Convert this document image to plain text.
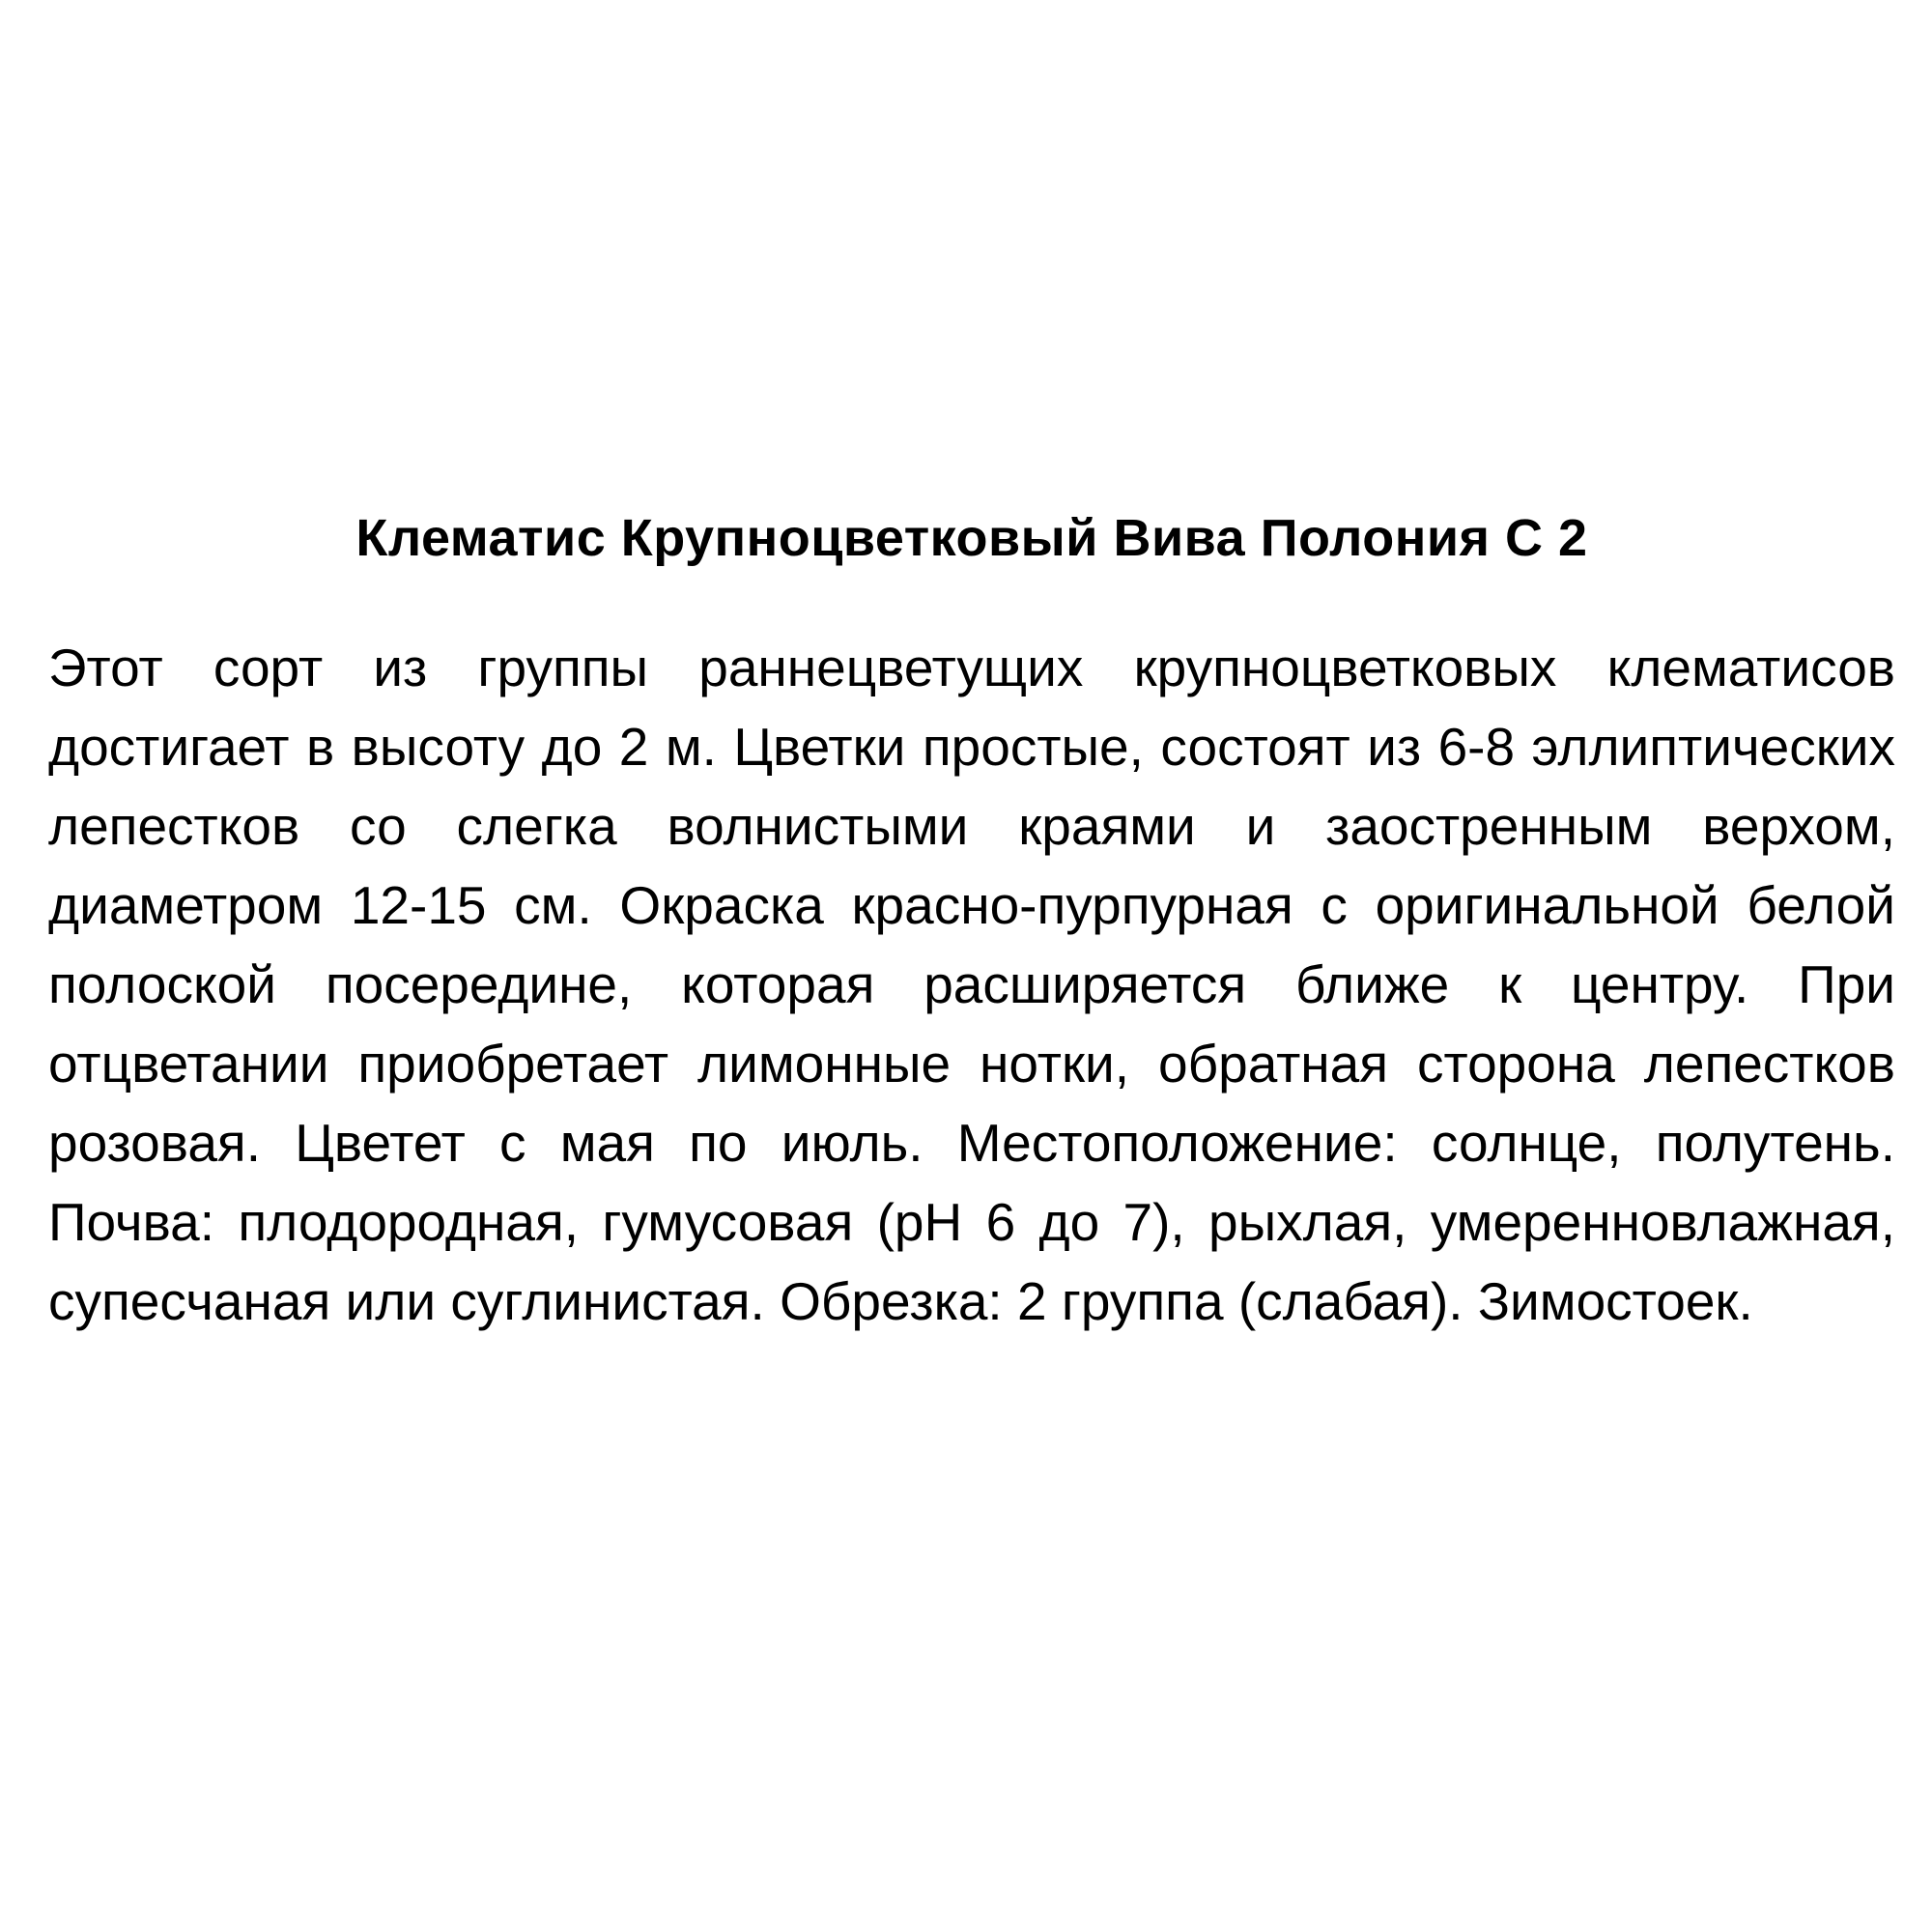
Клематис Крупноцветковый Вива Полония С 2

Этот сорт из группы раннецветущих крупноцветковых клематисов достигает в высоту до 2 м. Цветки простые, состоят из 6-8 эллиптических лепестков со слегка волнистыми краями и заостренным верхом, диаметром 12-15 см. Окраска красно-пурпурная с оригинальной белой полоской посередине, которая расширяется ближе к центру. При отцветании приобретает лимонные нотки, обратная сторона лепестков розовая. Цветет с мая по июль. Местоположение: солнце, полутень. Почва: плодородная, гумусовая (pH 6 до 7), рыхлая, умеренновлажная, супесчаная или суглинистая. Обрезка: 2 группа (слабая). Зимостоек.
